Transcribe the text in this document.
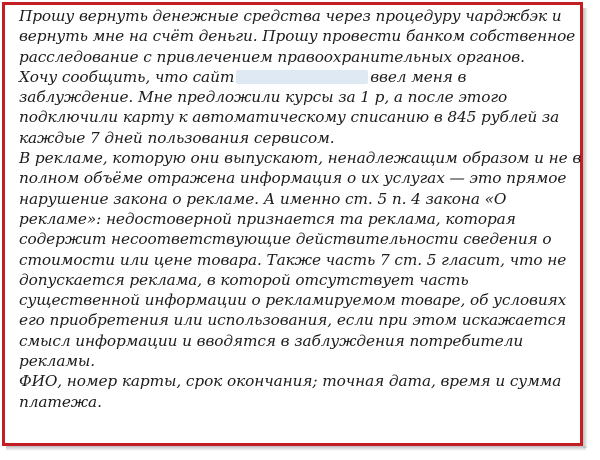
Прошу вернуть денежные средства через процедуру чарджбэк и
вернуть мне на счёт деньги. Прошу провести банком собственное
расследование с привлечением правоохранительных органов.

Хочу сообщить, что сайт	ввел меня в
заблуждение. Мне предложили курсы за 1 р, а после этого
подключили карту к автоматическому списанию в 845 рублей за
каждые 7 дней пользования сервисом.

В рекламе, которую они выпускают, ненадлежащим образом и не в
полном объёме отражена информация о их услугах — это прямое
нарушение закона о рекламе. А именно ст. 5 п. 4 закона «О
рекламе»: недостоверной признается та реклама, которая
содержит несоответствующие действительности сведения о
стоимости или цене товара. Также часть 7 ст. 5 гласит, что не
допускается реклама, в которой отсутствует часть
существенной информации о рекламируемом товаре, об условиях
его приобретения или использования, если при этом искажается
смысл информации и вводятся в заблуждения потребители
рекламы.

ФИО, номер карты, срок окончания; точная дата, время и сумма
платежа.
